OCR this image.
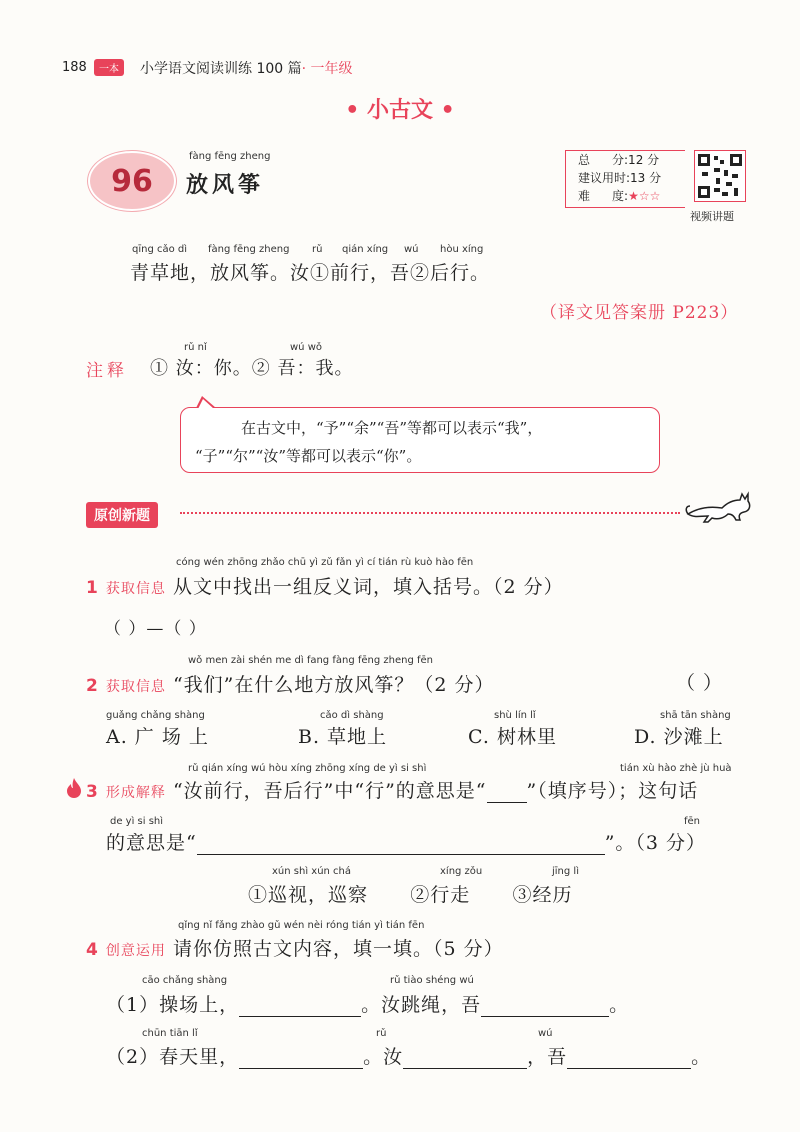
188	一本	小学语文阅读训练 100 篇· 一年级
• 小古文 •
96
fàng fēng zheng
放风筝
总 分:12 分
建议用时:13 分
难 度:★☆☆
视频讲题
qīng cǎo dì fàng fēng zheng rǔ qián xíng wú hòu xíng
青草地，放风筝。汝①前行，吾②后行。
（译文见答案册 P223）
注释
rǔ nǐ	wú wǒ
① 汝：你。② 吾：我。
在古文中，“予”“余”“吾”等都可以表示“我”，
“子”“尔”“汝”等都可以表示“你”。
原创新题
cóng wén zhōng zhǎo chū yì zǔ fǎn yì cí tián rù kuò hào fēn
1 获取信息 从文中找出一组反义词，填入括号。（2 分）
（ ）—（ ）
wǒ men zài shén me dì fang fàng fēng zheng fēn
2 获取信息 “我们”在什么地方放风筝？（2 分）	（ ）
guǎng chǎng shàng
A. 广 场 上
cǎo dì shàng
B. 草地上
shù lín lǐ
C. 树林里
shā tān shàng
D. 沙滩上
rǔ qián xíng wú hòu xíng zhōng xíng de yì si shì	tián xù hào zhè jù huà
3 形成解释 “汝前行，吾后行”中“行”的意思是“ ”（填序号）；这句话
de yì si shì	fēn
的意思是“	”。（3 分）
xún shì xún chá	xíng zǒu	jīng lì
①巡视，巡察      ②行走      ③经历
qǐng nǐ fǎng zhào gǔ wén nèi róng tián yì tián fēn
4 创意运用 请你仿照古文内容，填一填。（5 分）
cāo chǎng shàng	rǔ tiào shéng wú
（1）操场上，	。汝跳绳，吾	。
chūn tiān lǐ	rǔ	wú
（2）春天里，	。汝	，吾	。
